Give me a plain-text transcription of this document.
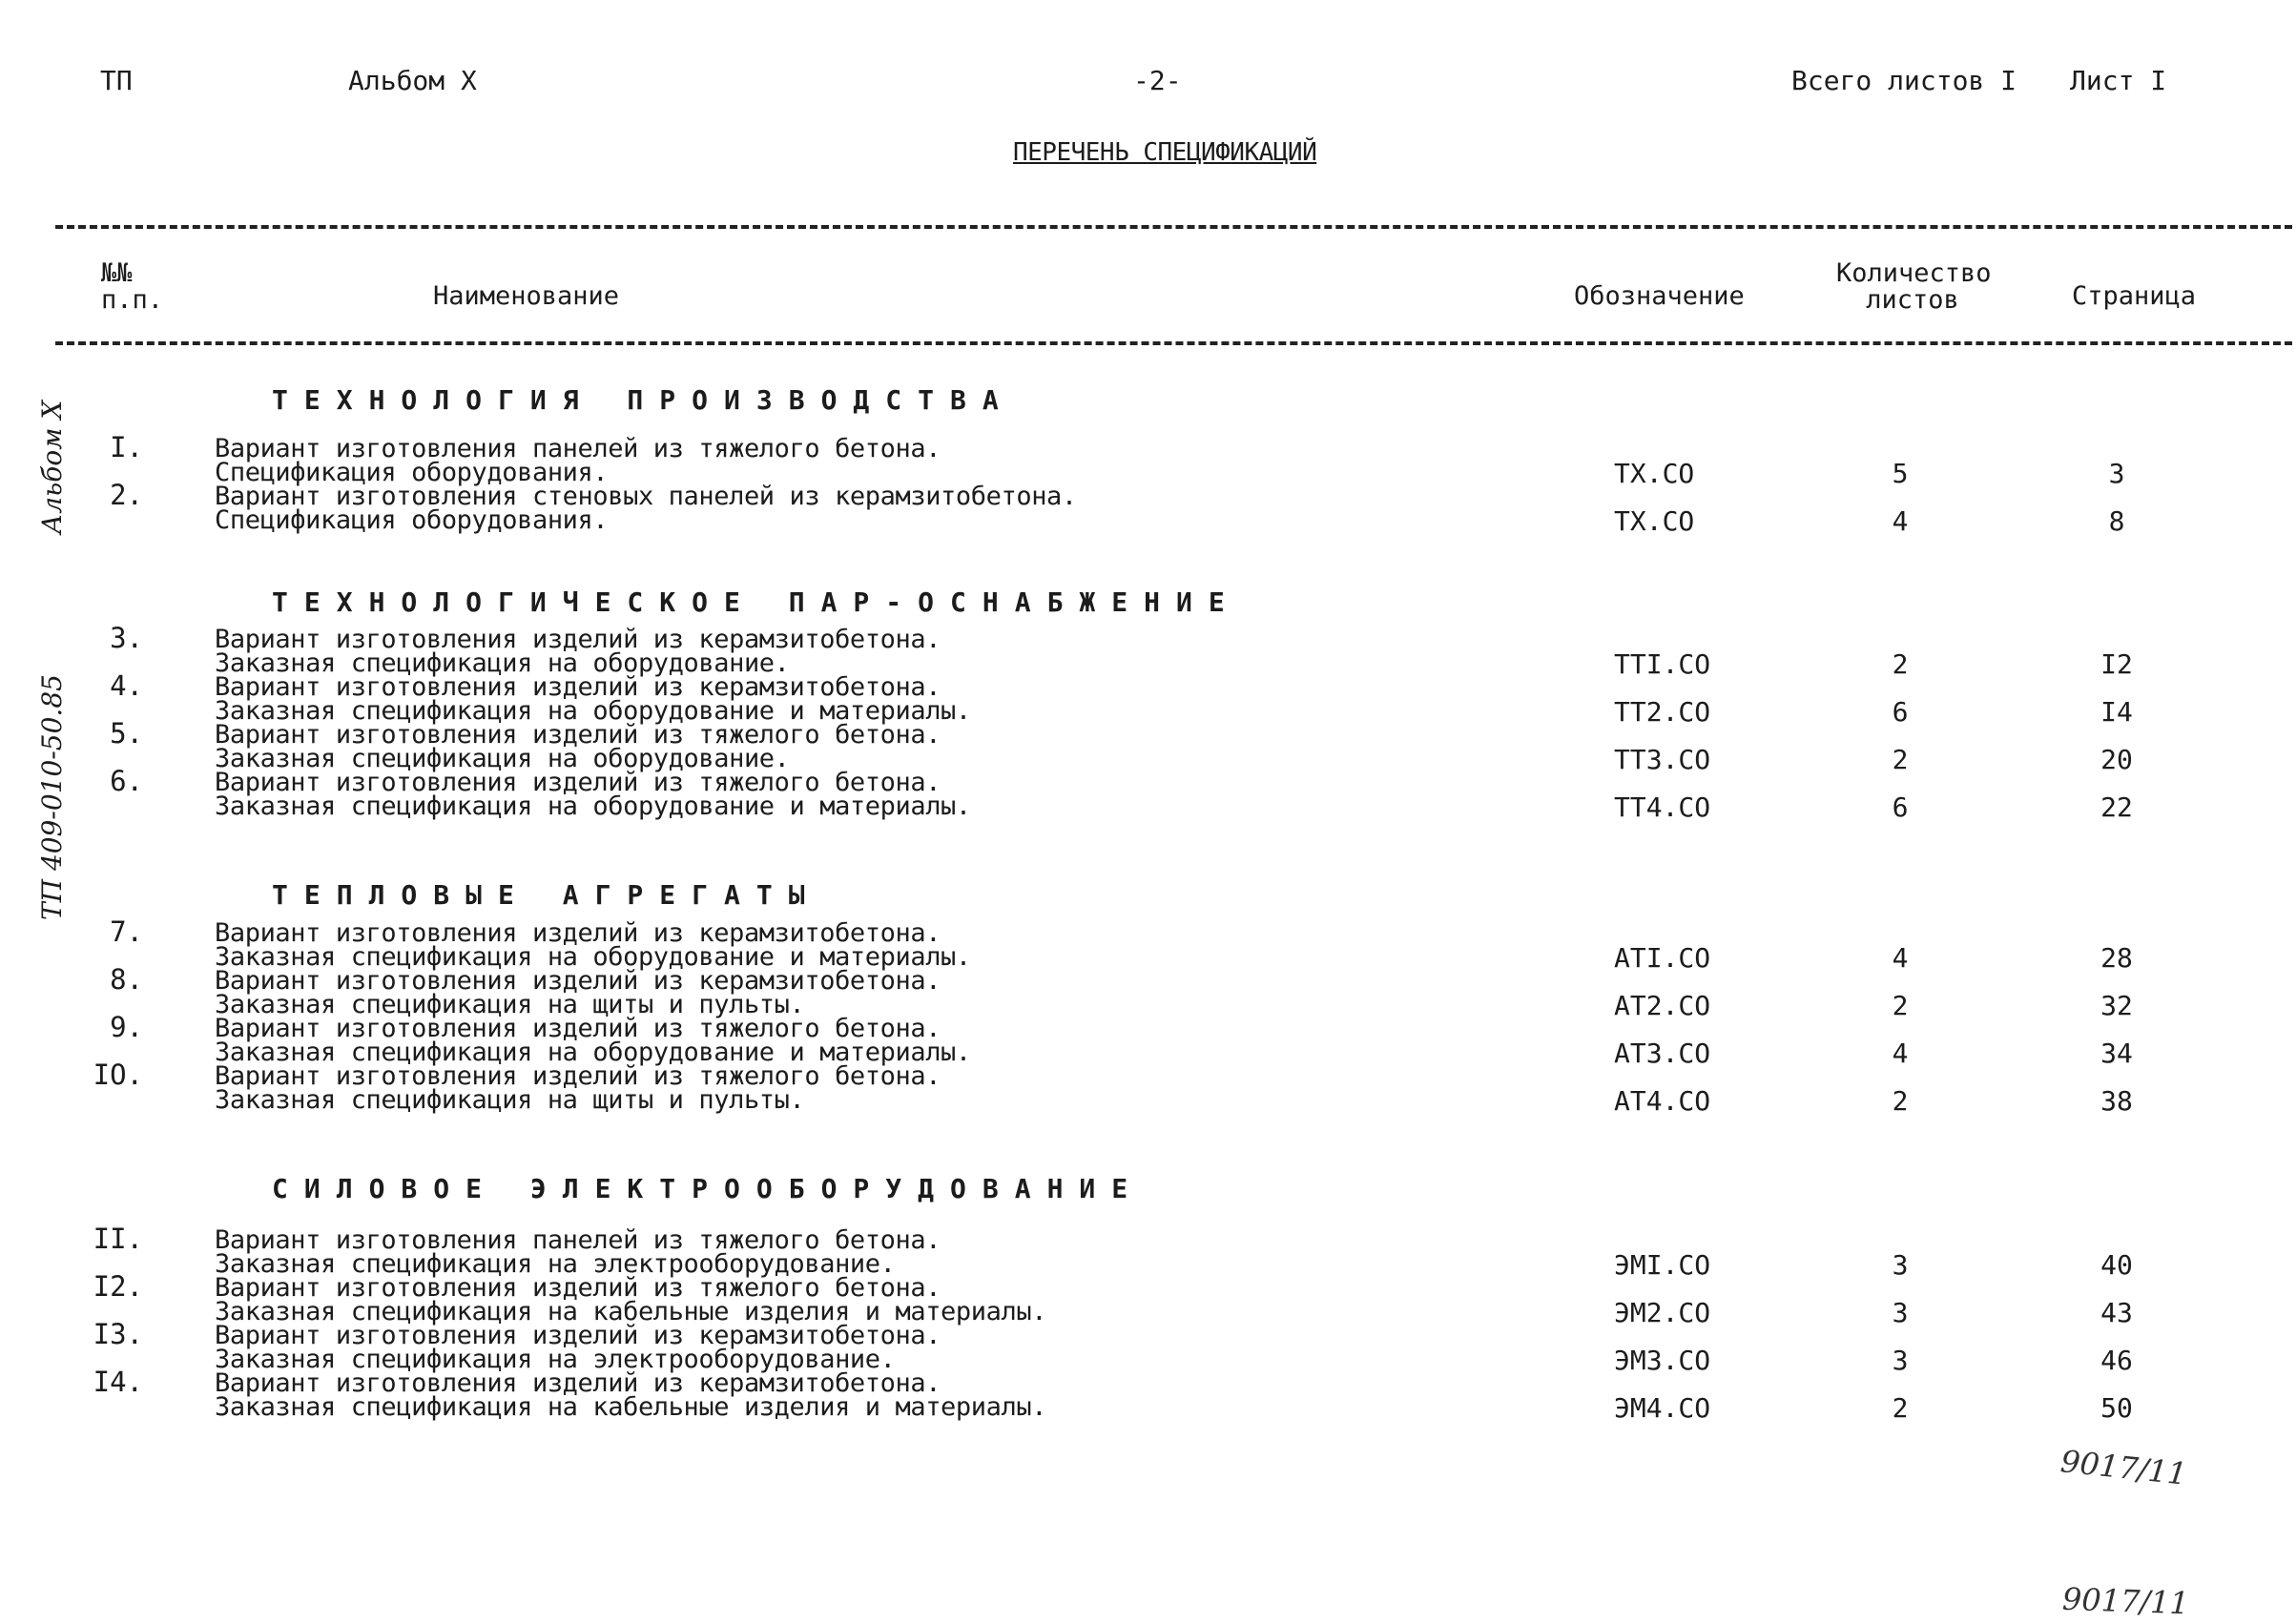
ТП	Альбом X	-2-	Всего листов I Лист I
ПЕРЕЧЕНЬ СПЕЦИФИКАЦИЙ
№№
п.п.	Наименование	Обозначение
Количество
листов	Страница
ТЕХНОЛОГИЯ ПРОИЗВОДСТВА
I.	Вариант изготовления панелей из тяжелого бетона.
Спецификация оборудования.	ТХ.СО	5	3
2.	Вариант изготовления стеновых панелей из керамзитобетона.
Спецификация оборудования.	ТХ.СО	4	8
ТЕХНОЛОГИЧЕСКОЕ ПАР-ОСНАБЖЕНИЕ
3.	Вариант изготовления изделий из керамзитобетона.
Заказная спецификация на оборудование.	ТТI.СО	2	I2
4.	Вариант изготовления изделий из керамзитобетона.
Заказная спецификация на оборудование и материалы.	ТТ2.СО	6	I4
5.	Вариант изготовления изделий из тяжелого бетона.
Заказная спецификация на оборудование.	ТТ3.СО	2	20
6.	Вариант изготовления изделий из тяжелого бетона.
Заказная спецификация на оборудование и материалы.	ТТ4.СО	6	22
ТЕПЛОВЫЕ АГРЕГАТЫ
7.	Вариант изготовления изделий из керамзитобетона.
Заказная спецификация на оборудование и материалы.	АТI.СО	4	28
8.	Вариант изготовления изделий из керамзитобетона.
Заказная спецификация на щиты и пульты.	АТ2.СО	2	32
9.	Вариант изготовления изделий из тяжелого бетона.
Заказная спецификация на оборудование и материалы.	АТ3.СО	4	34
IO.	Вариант изготовления изделий из тяжелого бетона.
Заказная спецификация на щиты и пульты.	АТ4.СО	2	38
СИЛОВОЕ ЭЛЕКТРООБОРУДОВАНИЕ
II.	Вариант изготовления панелей из тяжелого бетона.
Заказная спецификация на электрооборудование.	ЭМI.СО	3	40
I2.	Вариант изготовления изделий из тяжелого бетона.
Заказная спецификация на кабельные изделия и материалы.	ЭМ2.СО	3	43
I3.	Вариант изготовления изделий из керамзитобетона.
Заказная спецификация на электрооборудование.	ЭМ3.СО	3	46
I4.	Вариант изготовления изделий из керамзитобетона.
Заказная спецификация на кабельные изделия и материалы.	ЭМ4.СО	2	50
Альбом X
ТП 409-010-50.85
9017/11
9017/11
